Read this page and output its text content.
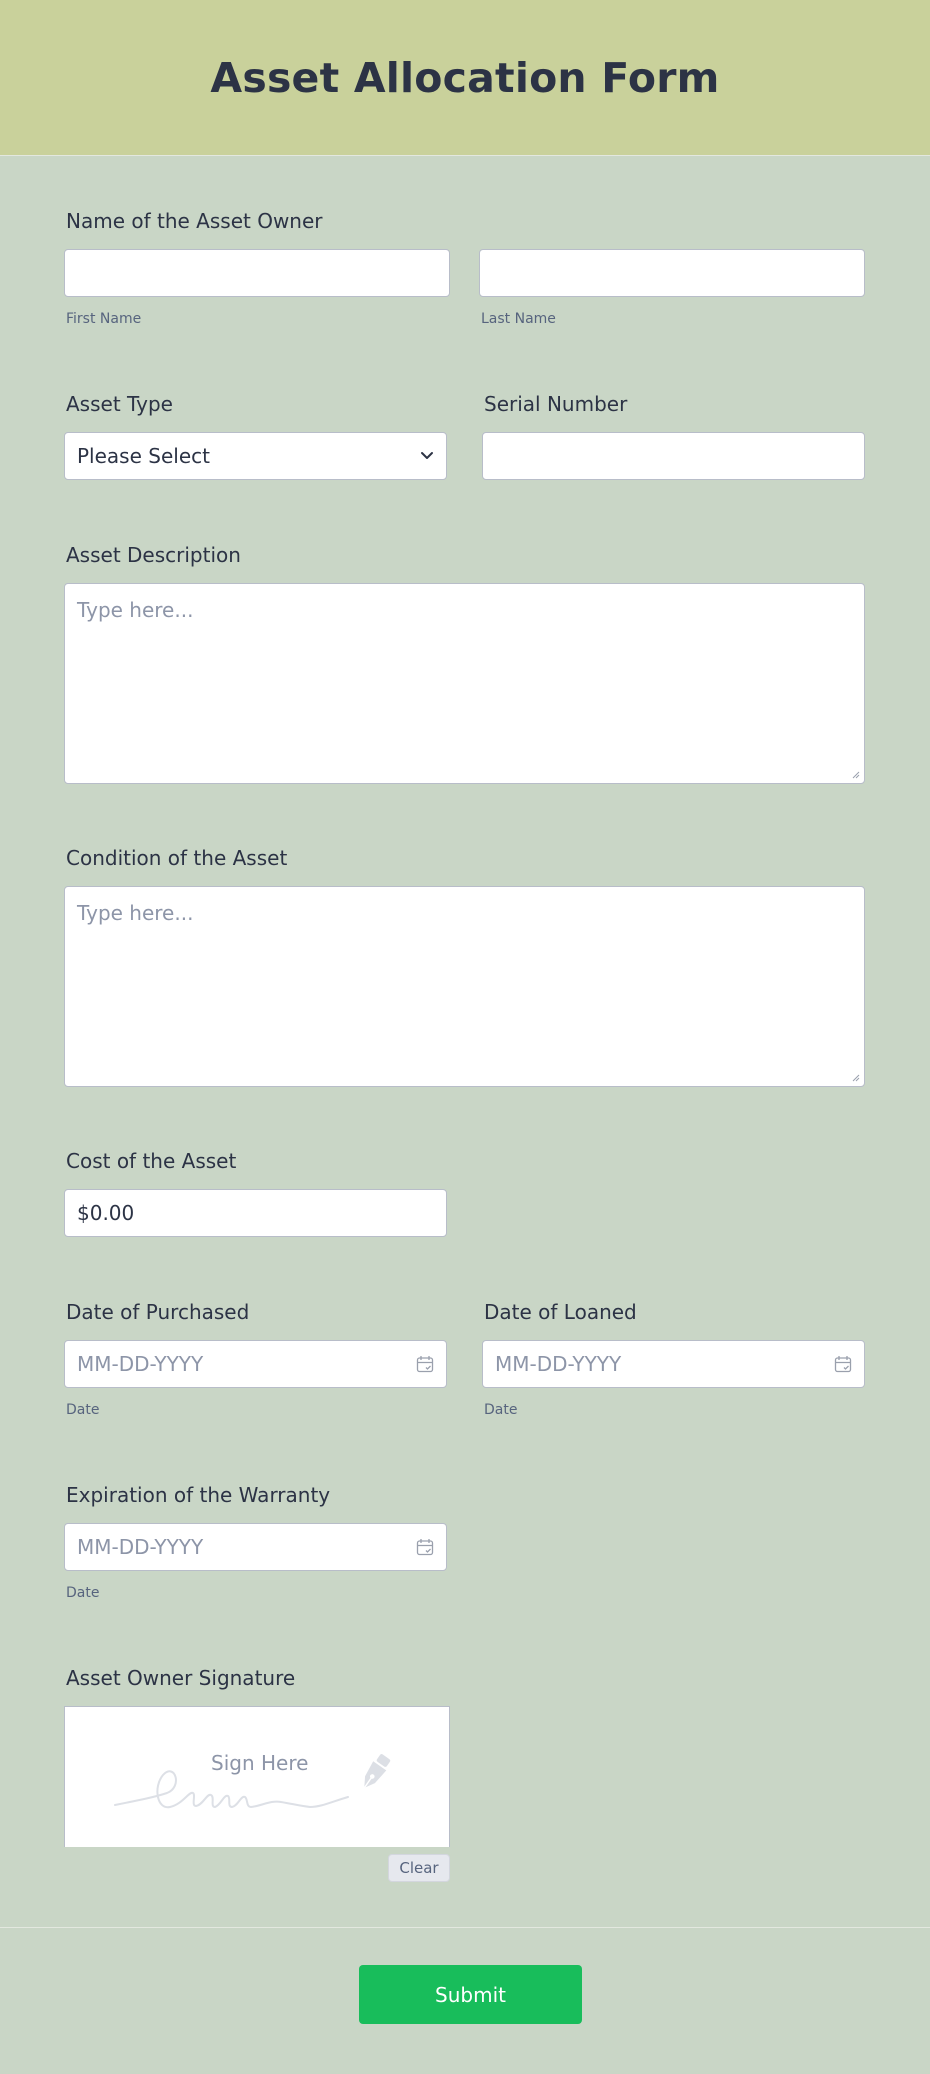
Asset Allocation Form
Name of the Asset Owner
First Name	Last Name
Asset Type	Serial Number
Please Select
Asset Description
Type here...
Condition of the Asset
Type here...
Cost of the Asset
$0.00
Date of Purchased	Date of Loaned
MM-DD-YYYY	MM-DD-YYYY
Date	Date
Expiration of the Warranty
MM-DD-YYYY
Date
Asset Owner Signature
Sign Here
Clear
Submit
